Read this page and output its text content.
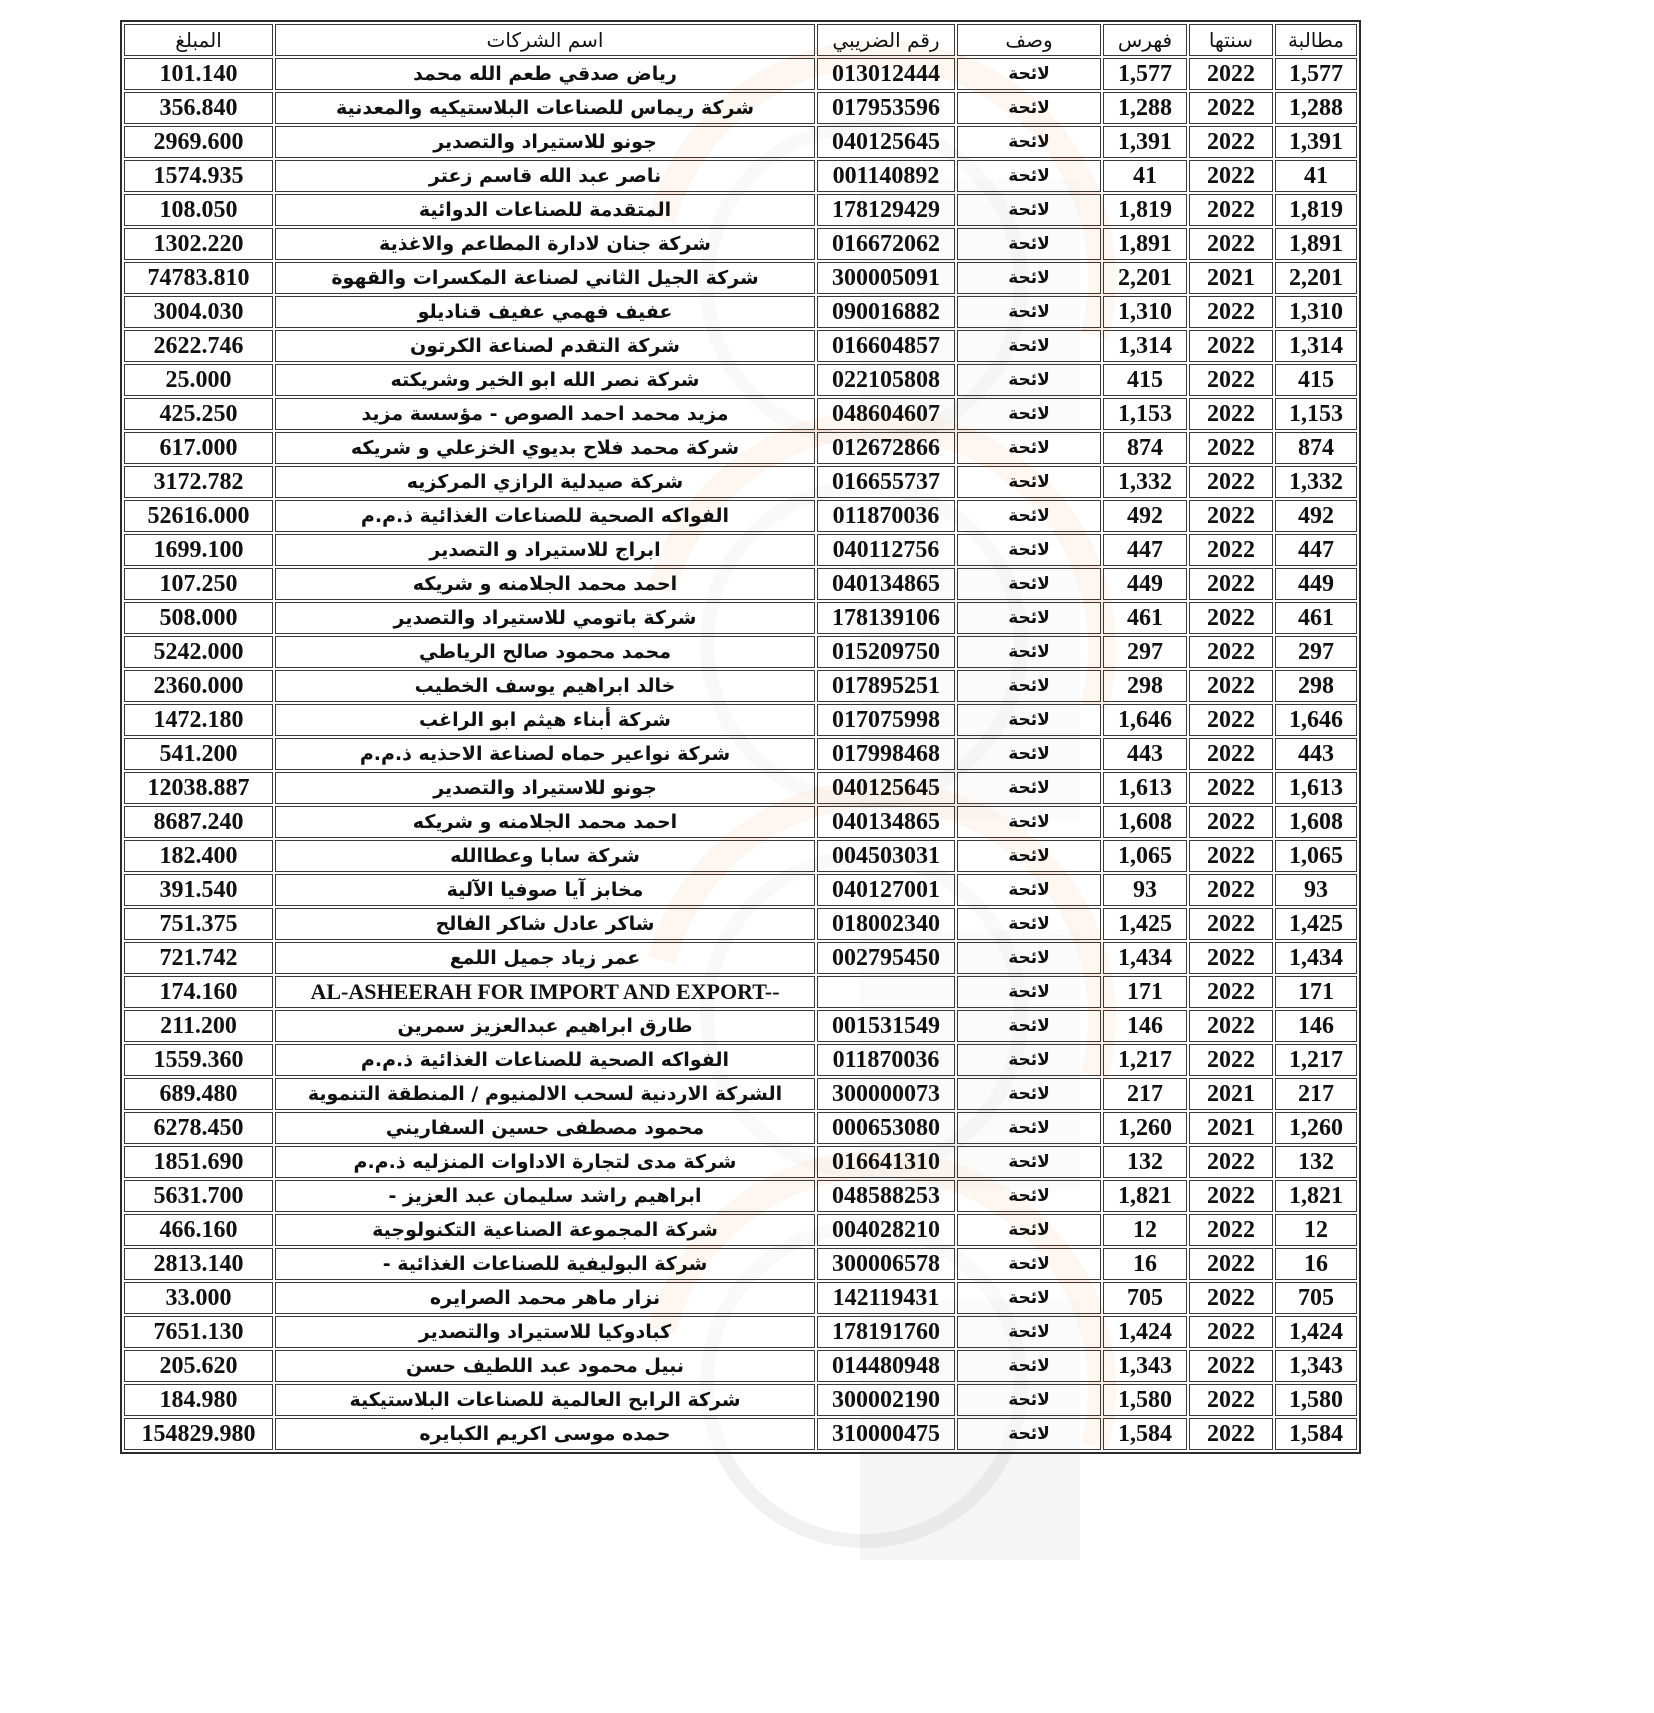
المبلغ	اسم الشركات	رقم الضريبي	وصف	فهرس	سنتها	مطالبة
101.140	رياض صدقي طعم الله محمد	013012444	لائحة	1,577	2022	1,577
356.840	شركة ريماس للصناعات البلاستيكيه والمعدنية	017953596	لائحة	1,288	2022	1,288
2969.600	جونو للاستيراد والتصدير	040125645	لائحة	1,391	2022	1,391
1574.935	ناصر عبد الله قاسم زعتر	001140892	لائحة	41	2022	41
108.050	المتقدمة للصناعات الدوائية	178129429	لائحة	1,819	2022	1,819
1302.220	شركة جنان لادارة المطاعم والاغذية	016672062	لائحة	1,891	2022	1,891
74783.810	شركة الجيل الثاني لصناعة المكسرات والقهوة	300005091	لائحة	2,201	2021	2,201
3004.030	عفيف فهمي عفيف قناديلو	090016882	لائحة	1,310	2022	1,310
2622.746	شركة التقدم لصناعة الكرتون	016604857	لائحة	1,314	2022	1,314
25.000	شركة نصر الله ابو الخير وشريكته	022105808	لائحة	415	2022	415
425.250	مزيد محمد احمد الصوص - مؤسسة مزيد	048604607	لائحة	1,153	2022	1,153
617.000	شركة محمد فلاح بديوي الخزعلي و شريكه	012672866	لائحة	874	2022	874
3172.782	شركة صيدلية الرازي المركزيه	016655737	لائحة	1,332	2022	1,332
52616.000	الفواكه الصحية للصناعات الغذائية ذ.م.م	011870036	لائحة	492	2022	492
1699.100	ابراج للاستيراد و التصدير	040112756	لائحة	447	2022	447
107.250	احمد محمد الجلامنه و شريكه	040134865	لائحة	449	2022	449
508.000	شركة باتومي للاستيراد والتصدير	178139106	لائحة	461	2022	461
5242.000	محمد محمود صالح الرياطي	015209750	لائحة	297	2022	297
2360.000	خالد ابراهيم يوسف الخطيب	017895251	لائحة	298	2022	298
1472.180	شركة أبناء هيثم ابو الراغب	017075998	لائحة	1,646	2022	1,646
541.200	شركة نواعير حماه لصناعة الاحذيه ذ.م.م	017998468	لائحة	443	2022	443
12038.887	جونو للاستيراد والتصدير	040125645	لائحة	1,613	2022	1,613
8687.240	احمد محمد الجلامنه و شريكه	040134865	لائحة	1,608	2022	1,608
182.400	شركة سابا وعطاالله	004503031	لائحة	1,065	2022	1,065
391.540	مخابز آيا صوفيا الآلية	040127001	لائحة	93	2022	93
751.375	شاكر عادل شاكر الفالح	018002340	لائحة	1,425	2022	1,425
721.742	عمر زياد جميل اللمع	002795450	لائحة	1,434	2022	1,434
174.160	AL-ASHEERAH FOR IMPORT AND EXPORT--		لائحة	171	2022	171
211.200	طارق ابراهيم عبدالعزيز سمرين	001531549	لائحة	146	2022	146
1559.360	الفواكه الصحية للصناعات الغذائية ذ.م.م	011870036	لائحة	1,217	2022	1,217
689.480	الشركة الاردنية لسحب الالمنيوم / المنطقة التنموية	300000073	لائحة	217	2021	217
6278.450	محمود مصطفى حسين السفاريني	000653080	لائحة	1,260	2021	1,260
1851.690	شركة مدى لتجارة الاداوات المنزليه ذ.م.م	016641310	لائحة	132	2022	132
5631.700	ابراهيم راشد سليمان عبد العزيز -	048588253	لائحة	1,821	2022	1,821
466.160	شركة المجموعة الصناعية التكنولوجية	004028210	لائحة	12	2022	12
2813.140	شركة البوليفية للصناعات الغذائية -	300006578	لائحة	16	2022	16
33.000	نزار ماهر محمد الصرايره	142119431	لائحة	705	2022	705
7651.130	كبادوكيا للاستيراد والتصدير	178191760	لائحة	1,424	2022	1,424
205.620	نبيل محمود عبد اللطيف حسن	014480948	لائحة	1,343	2022	1,343
184.980	شركة الرابح العالمية للصناعات البلاستيكية	300002190	لائحة	1,580	2022	1,580
154829.980	حمده موسى اكريم الكبايره	310000475	لائحة	1,584	2022	1,584
